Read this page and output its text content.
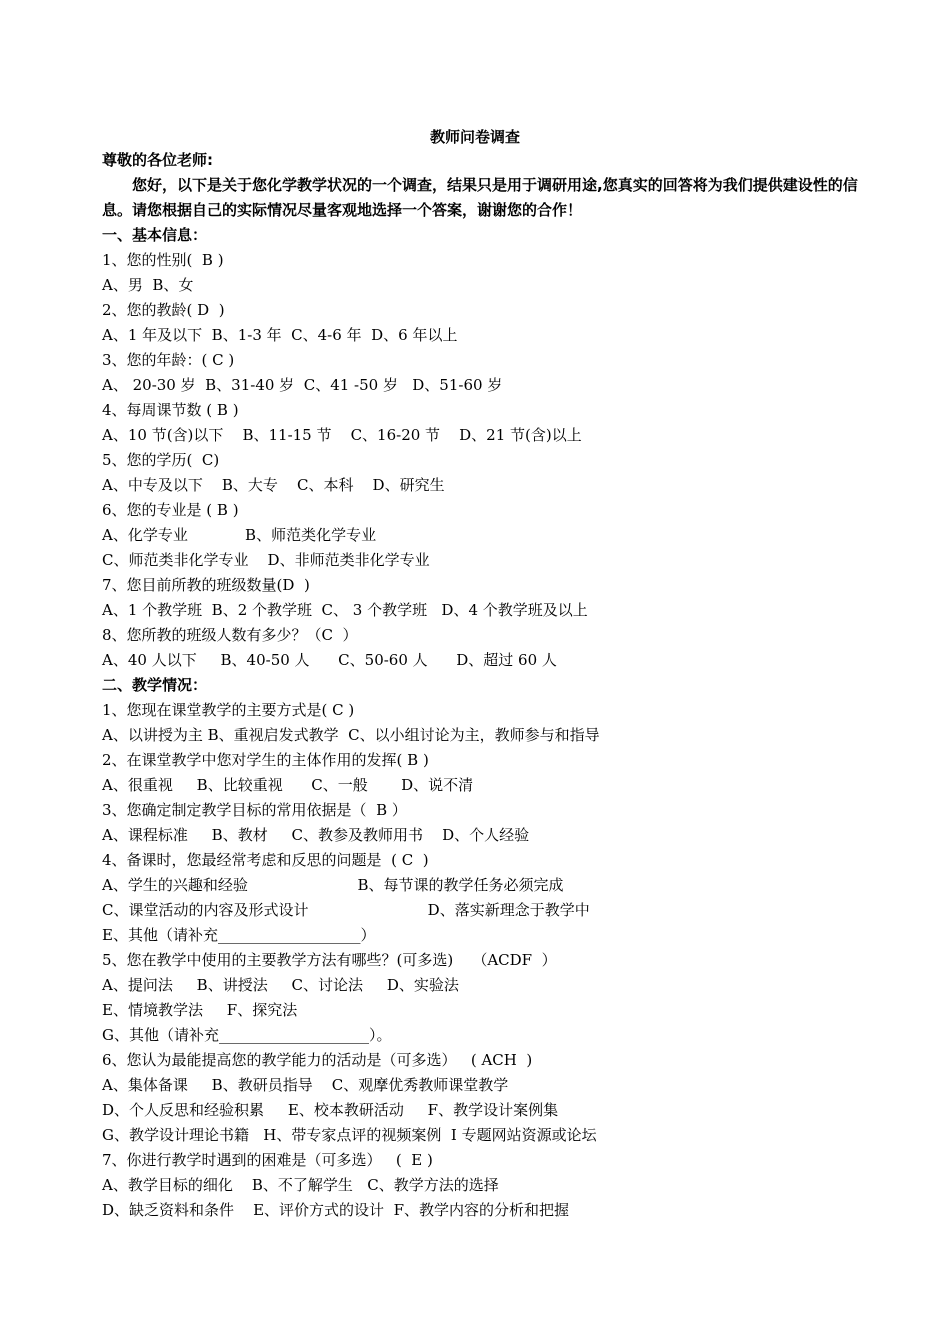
教师问卷调查
尊敬的各位老师:
您好，以下是关于您化学教学状况的一个调查，结果只是用于调研用途,您真实的回答将为我们提供建设性的信息。请您根据自己的实际情况尽量客观地选择一个答案，谢谢您的合作！
一、基本信息：
1、您的性别(  B )
A、男  B、女
2、您的教龄( D  )
A、1 年及以下  B、1-3 年  C、4-6 年  D、6 年以上
3、您的年龄：( C )
A、 20-30 岁  B、31-40 岁  C、41 -50 岁   D、51-60 岁
4、每周课节数 ( B )
A、10 节(含)以下    B、11-15 节    C、16-20 节    D、21 节(含)以上
5、您的学历(  C)
A、中专及以下    B、大专    C、本科    D、研究生
6、您的专业是 ( B )
A、化学专业            B、师范类化学专业
C、师范类非化学专业    D、非师范类非化学专业
7、您目前所教的班级数量(D  )
A、1 个教学班  B、2 个教学班  C、 3 个教学班   D、4 个教学班及以上
8、您所教的班级人数有多少？（C  ）
A、40 人以下     B、40-50 人      C、50-60 人      D、超过 60 人
二、教学情况：
1、您现在课堂教学的主要方式是( C )
A、以讲授为主 B、重视启发式教学  C、以小组讨论为主，教师参与和指导
2、在课堂教学中您对学生的主体作用的发挥( B )
A、很重视     B、比较重视      C、一般       D、说不清
3、您确定制定教学目标的常用依据是（  B ）
A、课程标准     B、教材     C、教参及教师用书    D、个人经验
4、备课时，您最经常考虑和反思的问题是  ( C  )
A、学生的兴趣和经验                       B、每节课的教学任务必须完成
C、课堂活动的内容及形式设计                         D、落实新理念于教学中
E、其他（请补充___________________）
5、您在教学中使用的主要教学方法有哪些？(可多选)    （ACDF  ）
A、提问法     B、讲授法     C、讨论法     D、实验法
E、情境教学法     F、探究法
G、其他（请补充____________________）。
6、您认为最能提高您的教学能力的活动是（可多选）   ( ACH  )
A、集体备课     B、教研员指导    C、观摩优秀教师课堂教学
D、个人反思和经验积累     E、校本教研活动     F、教学设计案例集
G、教学设计理论书籍   H、带专家点评的视频案例  I 专题网站资源或论坛
7、你进行教学时遇到的困难是（可多选）   (  E )
A、教学目标的细化    B、不了解学生   C、教学方法的选择
D、缺乏资料和条件    E、评价方式的设计  F、教学内容的分析和把握
